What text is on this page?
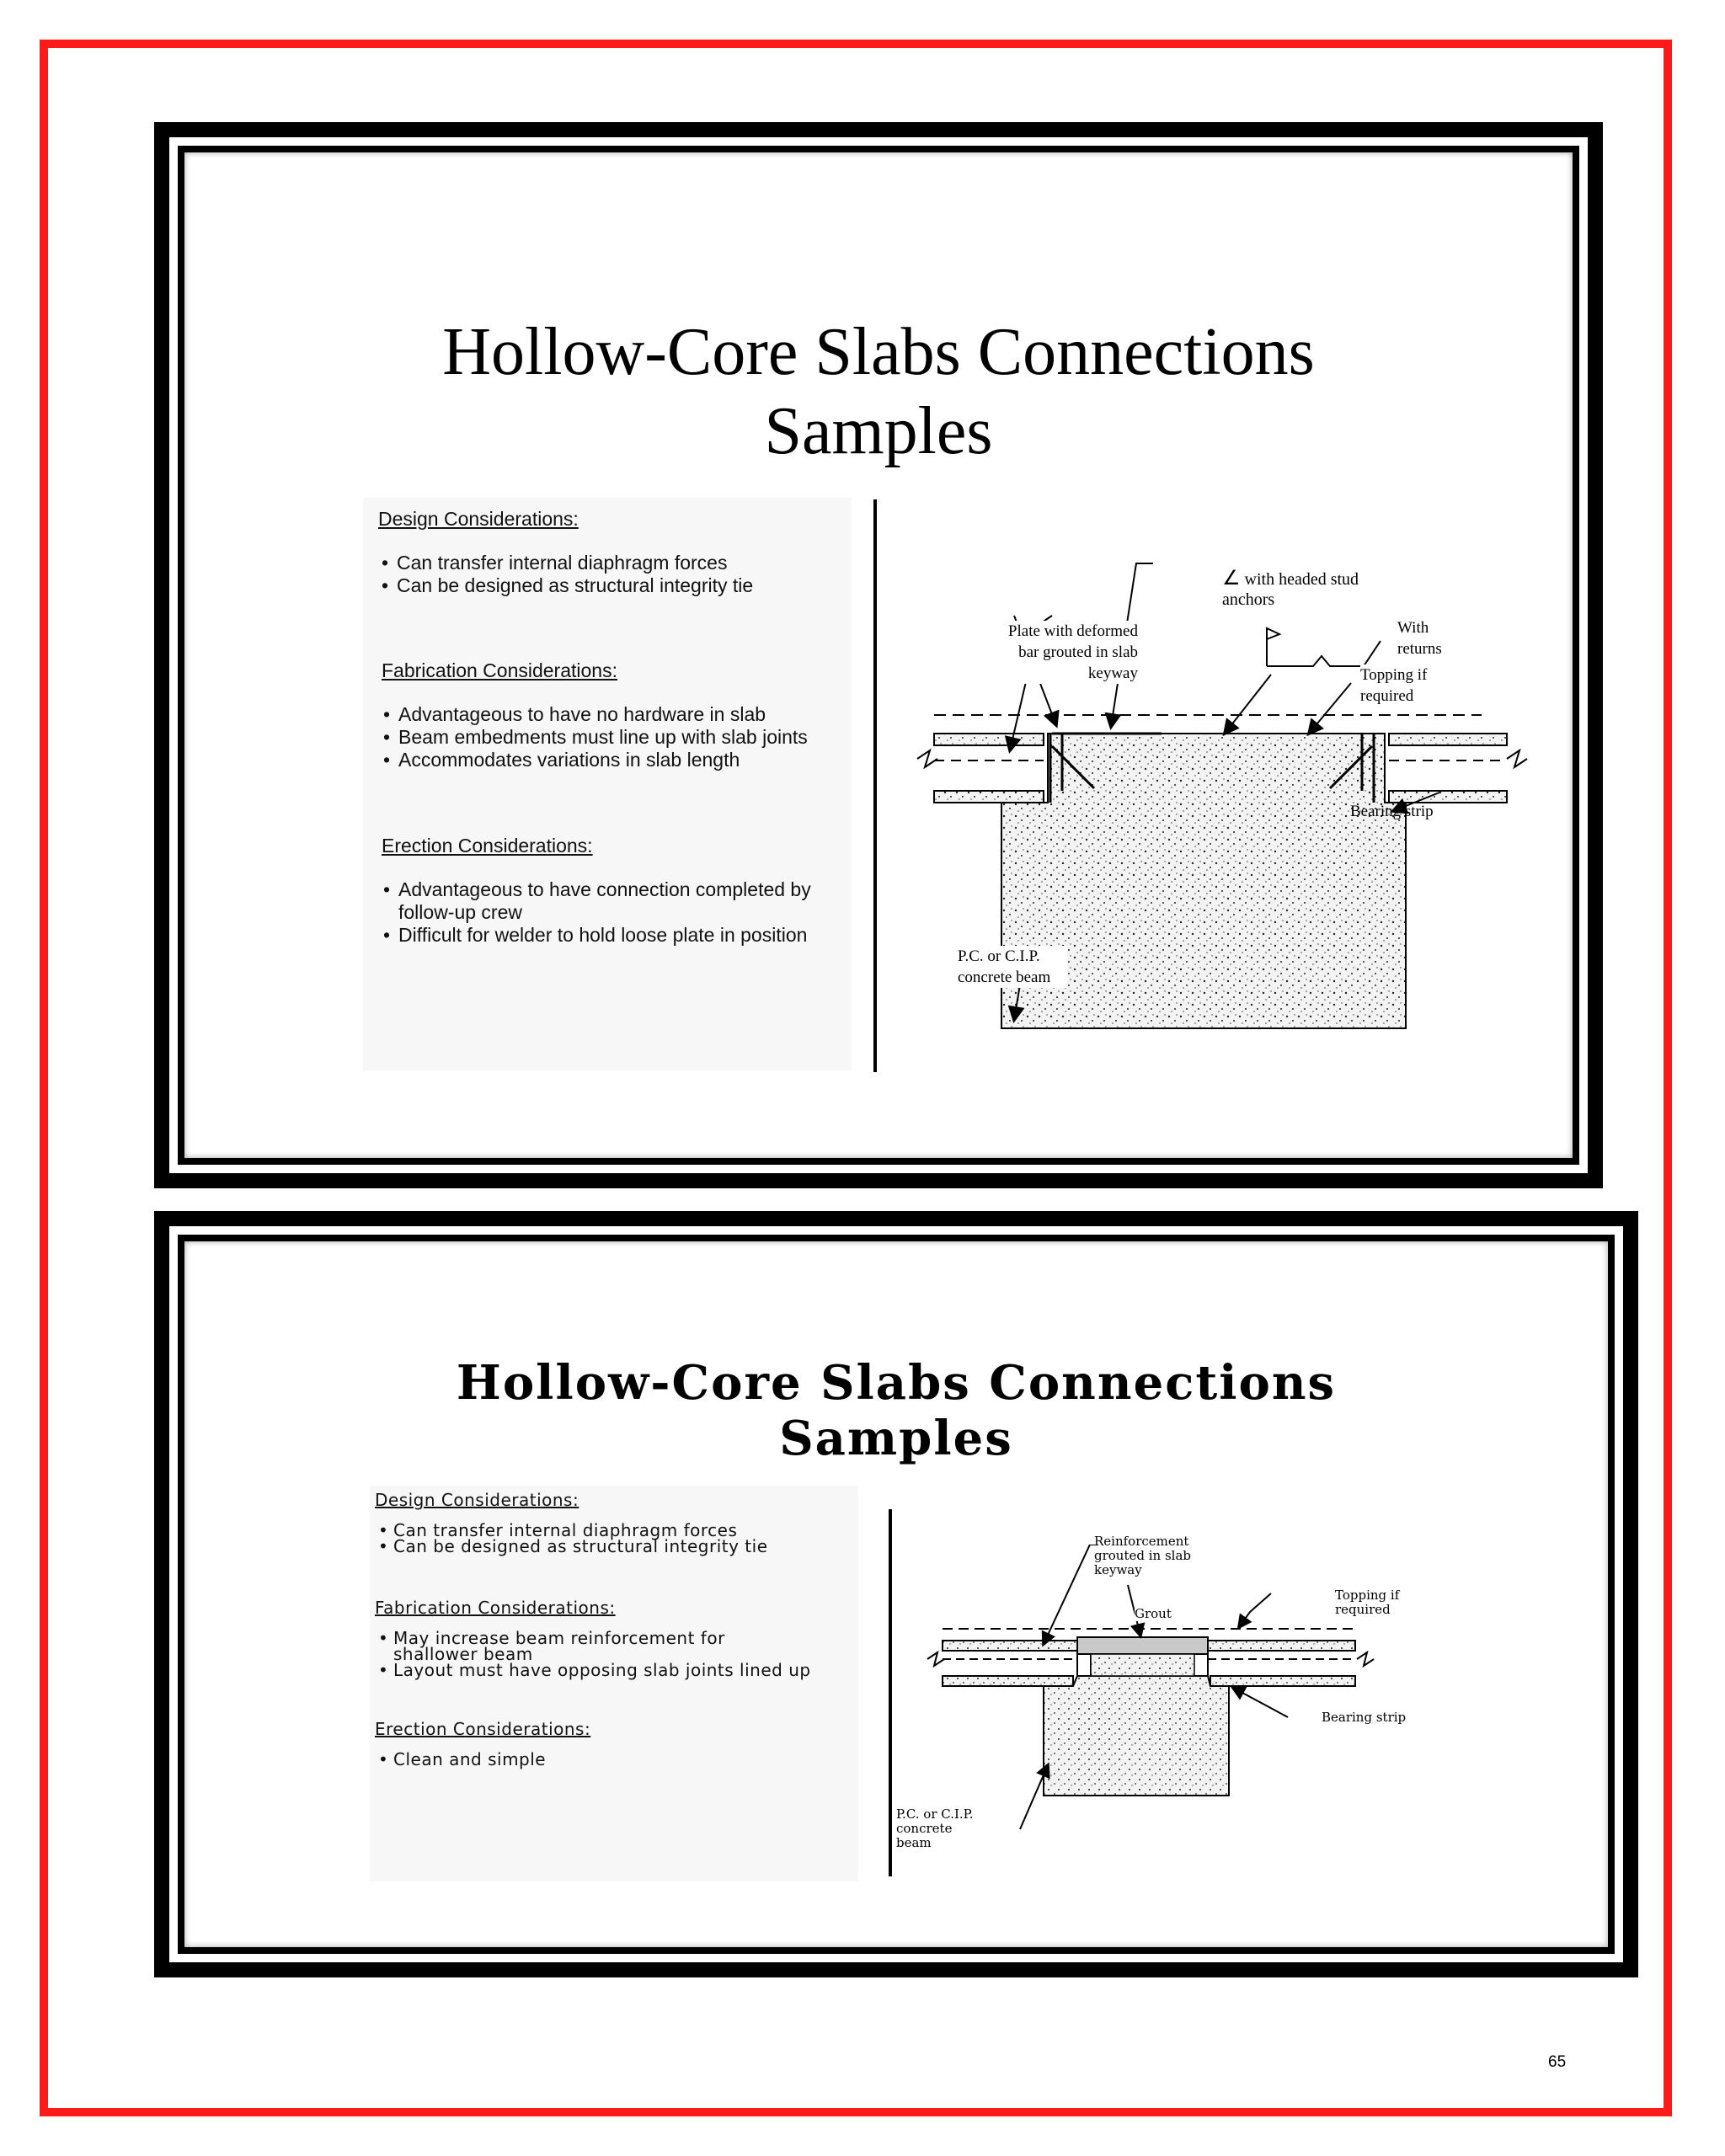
Hollow-Core Slabs Connections
Samples
Design Considerations:
• Can transfer internal diaphragm forces
• Can be designed as structural integrity tie
Fabrication Considerations:
• Advantageous to have no hardware in slab
• Beam embedments must line up with slab joints
• Accommodates variations in slab length
Erection Considerations:
• Advantageous to have connection completed by follow-up crew
• Difficult for welder to hold loose plate in position
∠ with headed stud anchors
Plate with deformed bar grouted in slab keyway
With returns
Topping if required
Bearing strip
P.C. or C.I.P. concrete beam
Hollow-Core Slabs Connections
Samples
Design Considerations:
• Can transfer internal diaphragm forces
• Can be designed as structural integrity tie
Fabrication Considerations:
• May increase beam reinforcement for shallower beam
• Layout must have opposing slab joints lined up
Erection Considerations:
• Clean and simple
Reinforcement grouted in slab keyway
Grout
Topping if required
Bearing strip
P.C. or C.I.P. concrete beam
65
